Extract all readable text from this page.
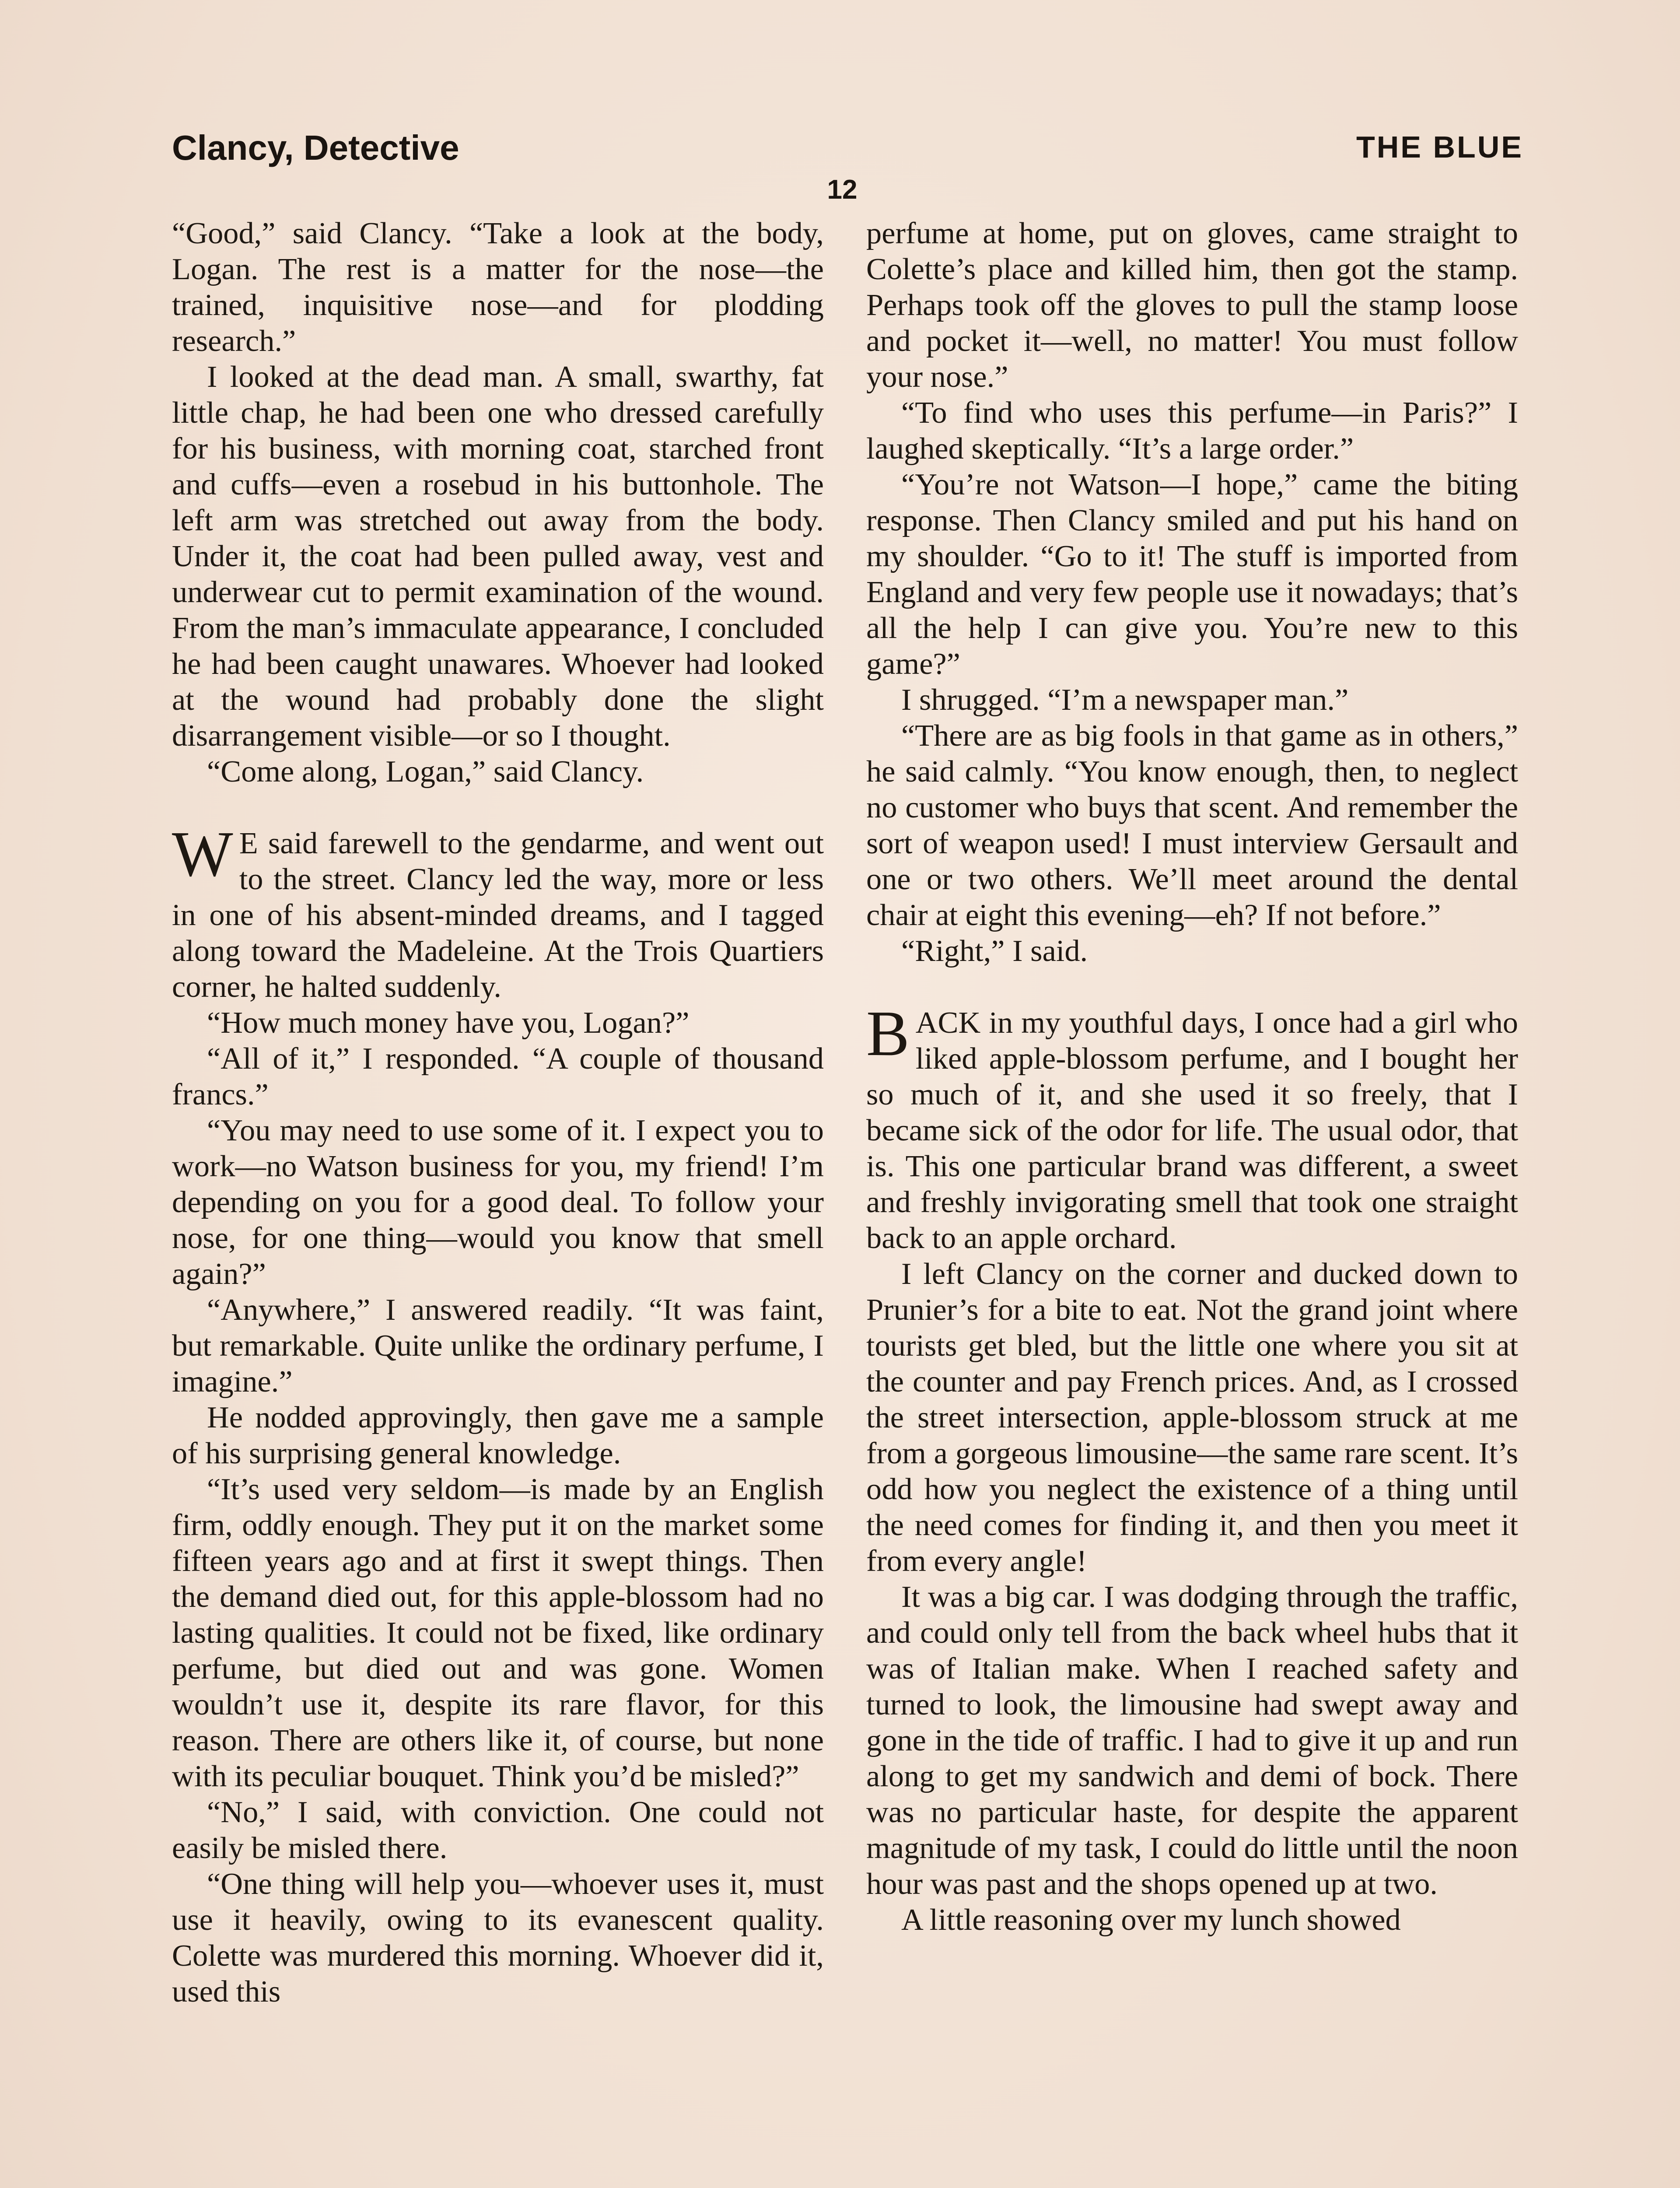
Clancy, Detective	THE BLUE
12

“Good,” said Clancy. “Take a look at the body, Logan. The rest is a matter for the nose—the trained, inquisitive nose—and for plodding research.”

I looked at the dead man. A small, swarthy, fat little chap, he had been one who dressed carefully for his business, with morning coat, starched front and cuffs—even a rosebud in his buttonhole. The left arm was stretched out away from the body. Under it, the coat had been pulled away, vest and underwear cut to permit examination of the wound. From the man’s immaculate appearance, I concluded he had been caught unawares. Whoever had looked at the wound had probably done the slight disarrangement visible—or so I thought.

“Come along, Logan,” said Clancy.

W E said farewell to the gendarme, and went out to the street. Clancy led the way, more or less in one of his absent-minded dreams, and I tagged along toward the Madeleine. At the Trois Quartiers corner, he halted suddenly.

“How much money have you, Logan?”

“All of it,” I responded. “A couple of thousand francs.”

“You may need to use some of it. I expect you to work—no Watson business for you, my friend! I’m depending on you for a good deal. To follow your nose, for one thing—would you know that smell again?”

“Anywhere,” I answered readily. “It was faint, but remarkable. Quite unlike the ordinary perfume, I imagine.”

He nodded approvingly, then gave me a sample of his surprising general knowledge.

“It’s used very seldom—is made by an English firm, oddly enough. They put it on the market some fifteen years ago and at first it swept things. Then the demand died out, for this apple-blossom had no lasting qualities. It could not be fixed, like ordinary perfume, but died out and was gone. Women wouldn’t use it, despite its rare flavor, for this reason. There are others like it, of course, but none with its peculiar bouquet. Think you’d be misled?”

“No,” I said, with conviction. One could not easily be misled there.

“One thing will help you—whoever uses it, must use it heavily, owing to its evanescent quality. Colette was murdered this morning. Whoever did it, used this

perfume at home, put on gloves, came straight to Colette’s place and killed him, then got the stamp. Perhaps took off the gloves to pull the stamp loose and pocket it—well, no matter! You must follow your nose.”

“To find who uses this perfume—in Paris?” I laughed skeptically. “It’s a large order.”

“You’re not Watson—I hope,” came the biting response. Then Clancy smiled and put his hand on my shoulder. “Go to it! The stuff is imported from England and very few people use it nowadays; that’s all the help I can give you. You’re new to this game?”

I shrugged. “I’m a newspaper man.”

“There are as big fools in that game as in others,” he said calmly. “You know enough, then, to neglect no customer who buys that scent. And remember the sort of weapon used! I must interview Gersault and one or two others. We’ll meet around the dental chair at eight this evening—eh? If not before.”

“Right,” I said.

BACK in my youthful days, I once had a girl who liked apple-blossom perfume, and I bought her so much of it, and she used it so freely, that I became sick of the odor for life. The usual odor, that is. This one particular brand was different, a sweet and freshly invigorating smell that took one straight back to an apple orchard.

I left Clancy on the corner and ducked down to Prunier’s for a bite to eat. Not the grand joint where tourists get bled, but the little one where you sit at the counter and pay French prices. And, as I crossed the street intersection, apple-blossom struck at me from a gorgeous limousine—the same rare scent. It’s odd how you neglect the existence of a thing until the need comes for finding it, and then you meet it from every angle!

It was a big car. I was dodging through the traffic, and could only tell from the back wheel hubs that it was of Italian make. When I reached safety and turned to look, the limousine had swept away and gone in the tide of traffic. I had to give it up and run along to get my sandwich and demi of bock. There was no particular haste, for despite the apparent magnitude of my task, I could do little until the noon hour was past and the shops opened up at two.

A little reasoning over my lunch showed
